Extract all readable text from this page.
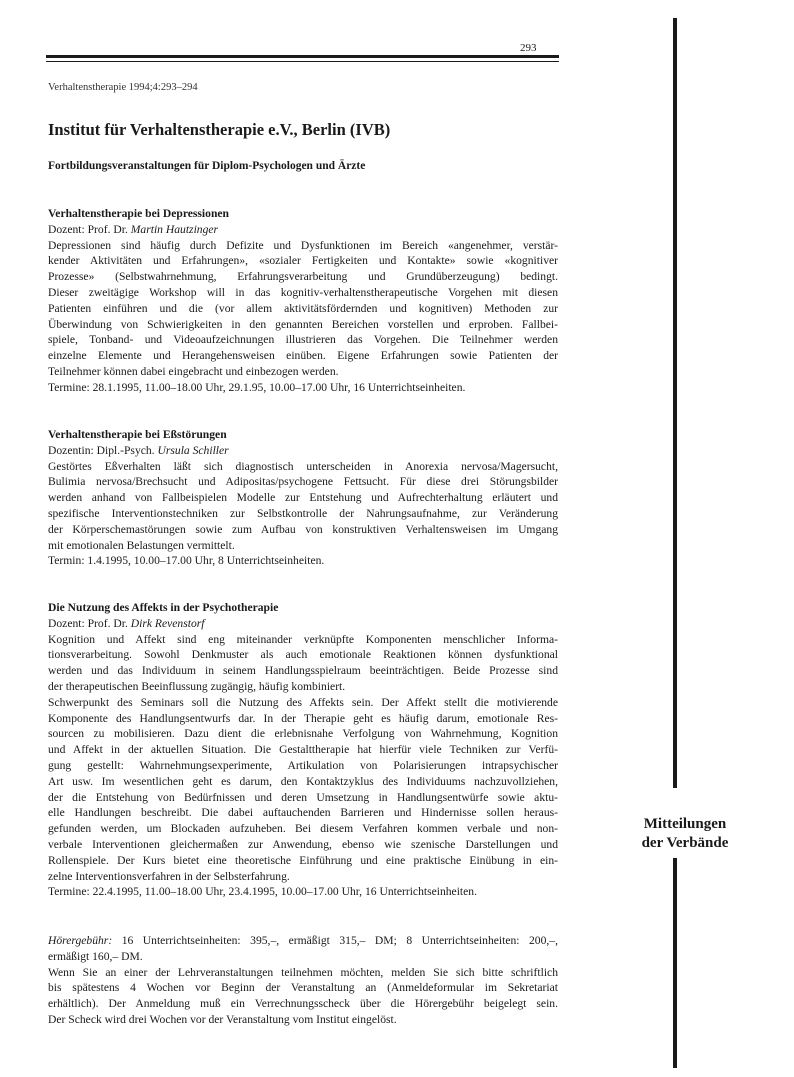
293
Mitteilungen
der Verbände
Verhaltenstherapie 1994;4:293–294
Institut für Verhaltenstherapie e.V., Berlin (IVB)
Fortbildungsveranstaltungen für Diplom-Psychologen und Ärzte
Verhaltenstherapie bei Depressionen
Dozent: Prof. Dr. Martin Hautzinger
Depressionen sind häufig durch Defizite und Dysfunktionen im Bereich «angenehmer, verstär-
kender Aktivitäten und Erfahrungen», «sozialer Fertigkeiten und Kontakte» sowie «kognitiver
Prozesse» (Selbstwahrnehmung, Erfahrungsverarbeitung und Grundüberzeugung) bedingt.
Dieser zweitägige Workshop will in das kognitiv-verhaltenstherapeutische Vorgehen mit diesen
Patienten einführen und die (vor allem aktivitätsfördernden und kognitiven) Methoden zur
Überwindung von Schwierigkeiten in den genannten Bereichen vorstellen und erproben. Fallbei-
spiele, Tonband- und Videoaufzeichnungen illustrieren das Vorgehen. Die Teilnehmer werden
einzelne Elemente und Herangehensweisen einüben. Eigene Erfahrungen sowie Patienten der
Teilnehmer können dabei eingebracht und einbezogen werden.
Termine: 28.1.1995, 11.00–18.00 Uhr, 29.1.95, 10.00–17.00 Uhr, 16 Unterrichtseinheiten.
Verhaltenstherapie bei Eßstörungen
Dozentin: Dipl.-Psych. Ursula Schiller
Gestörtes Eßverhalten läßt sich diagnostisch unterscheiden in Anorexia nervosa/Magersucht,
Bulimia nervosa/Brechsucht und Adipositas/psychogene Fettsucht. Für diese drei Störungsbilder
werden anhand von Fallbeispielen Modelle zur Entstehung und Aufrechterhaltung erläutert und
spezifische Interventionstechniken zur Selbstkontrolle der Nahrungsaufnahme, zur Veränderung
der Körperschemastörungen sowie zum Aufbau von konstruktiven Verhaltensweisen im Umgang
mit emotionalen Belastungen vermittelt.
Termin: 1.4.1995, 10.00–17.00 Uhr, 8 Unterrichtseinheiten.
Die Nutzung des Affekts in der Psychotherapie
Dozent: Prof. Dr. Dirk Revenstorf
Kognition und Affekt sind eng miteinander verknüpfte Komponenten menschlicher Informa-
tionsverarbeitung. Sowohl Denkmuster als auch emotionale Reaktionen können dysfunktional
werden und das Individuum in seinem Handlungsspielraum beeinträchtigen. Beide Prozesse sind
der therapeutischen Beeinflussung zugängig, häufig kombiniert.
Schwerpunkt des Seminars soll die Nutzung des Affekts sein. Der Affekt stellt die motivierende
Komponente des Handlungsentwurfs dar. In der Therapie geht es häufig darum, emotionale Res-
sourcen zu mobilisieren. Dazu dient die erlebnisnahe Verfolgung von Wahrnehmung, Kognition
und Affekt in der aktuellen Situation. Die Gestalttherapie hat hierfür viele Techniken zur Verfü-
gung gestellt: Wahrnehmungsexperimente, Artikulation von Polarisierungen intrapsychischer
Art usw. Im wesentlichen geht es darum, den Kontaktzyklus des Individuums nachzuvollziehen,
der die Entstehung von Bedürfnissen und deren Umsetzung in Handlungsentwürfe sowie aktu-
elle Handlungen beschreibt. Die dabei auftauchenden Barrieren und Hindernisse sollen heraus-
gefunden werden, um Blockaden aufzuheben. Bei diesem Verfahren kommen verbale und non-
verbale Interventionen gleichermaßen zur Anwendung, ebenso wie szenische Darstellungen und
Rollenspiele. Der Kurs bietet eine theoretische Einführung und eine praktische Einübung in ein-
zelne Interventionsverfahren in der Selbsterfahrung.
Termine: 22.4.1995, 11.00–18.00 Uhr, 23.4.1995, 10.00–17.00 Uhr, 16 Unterrichtseinheiten.
Hörergebühr: 16 Unterrichtseinheiten: 395,–, ermäßigt 315,– DM; 8 Unterrichtseinheiten: 200,–,
ermäßigt 160,– DM.
Wenn Sie an einer der Lehrveranstaltungen teilnehmen möchten, melden Sie sich bitte schriftlich
bis spätestens 4 Wochen vor Beginn der Veranstaltung an (Anmeldeformular im Sekretariat
erhältlich). Der Anmeldung muß ein Verrechnungsscheck über die Hörergebühr beigelegt sein.
Der Scheck wird drei Wochen vor der Veranstaltung vom Institut eingelöst.
